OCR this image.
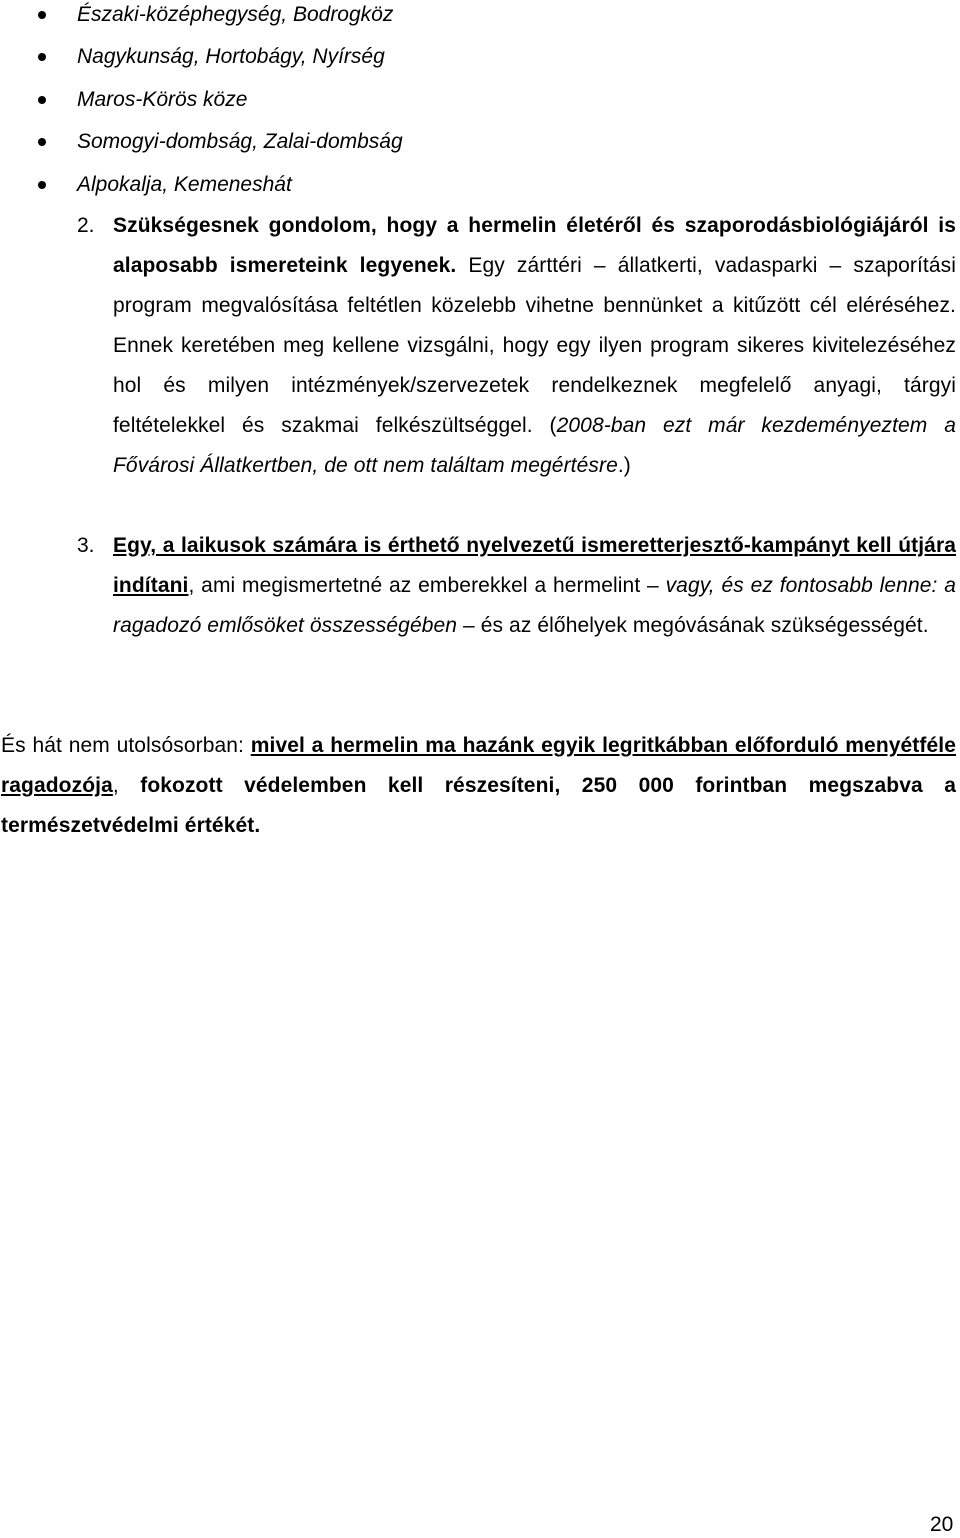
Északi-középhegység, Bodrogköz
Nagykunság, Hortobágy, Nyírség
Maros-Körös köze
Somogyi-dombság, Zalai-dombság
Alpokalja, Kemeneshát
2. Szükségesnek gondolom, hogy a hermelin életéről és szaporodásbiológiájáról is alaposabb ismereteink legyenek. Egy zárttéri – állatkerti, vadasparki – szaporítási program megvalósítása feltétlen közelebb vihetne bennünket a kitűzött cél eléréséhez. Ennek keretében meg kellene vizsgálni, hogy egy ilyen program sikeres kivitelezéséhez hol és milyen intézmények/szervezetek rendelkeznek megfelelő anyagi, tárgyi feltételekkel és szakmai felkészültséggel. (2008-ban ezt már kezdeményeztem a Fővárosi Állatkertben, de ott nem találtam megértésre.)

3. Egy, a laikusok számára is érthető nyelvezetű ismeretterjesztő-kampányt kell útjára indítani, ami megismertetné az emberekkel a hermelint – vagy, és ez fontosabb lenne: a ragadozó emlősöket összességében – és az élőhelyek megóvásának szükségességét.

És hát nem utolsósorban: mivel a hermelin ma hazánk egyik legritkábban előforduló menyétféle ragadozója, fokozott védelemben kell részesíteni, 250 000 forintban megszabva a természetvédelmi értékét.

20
